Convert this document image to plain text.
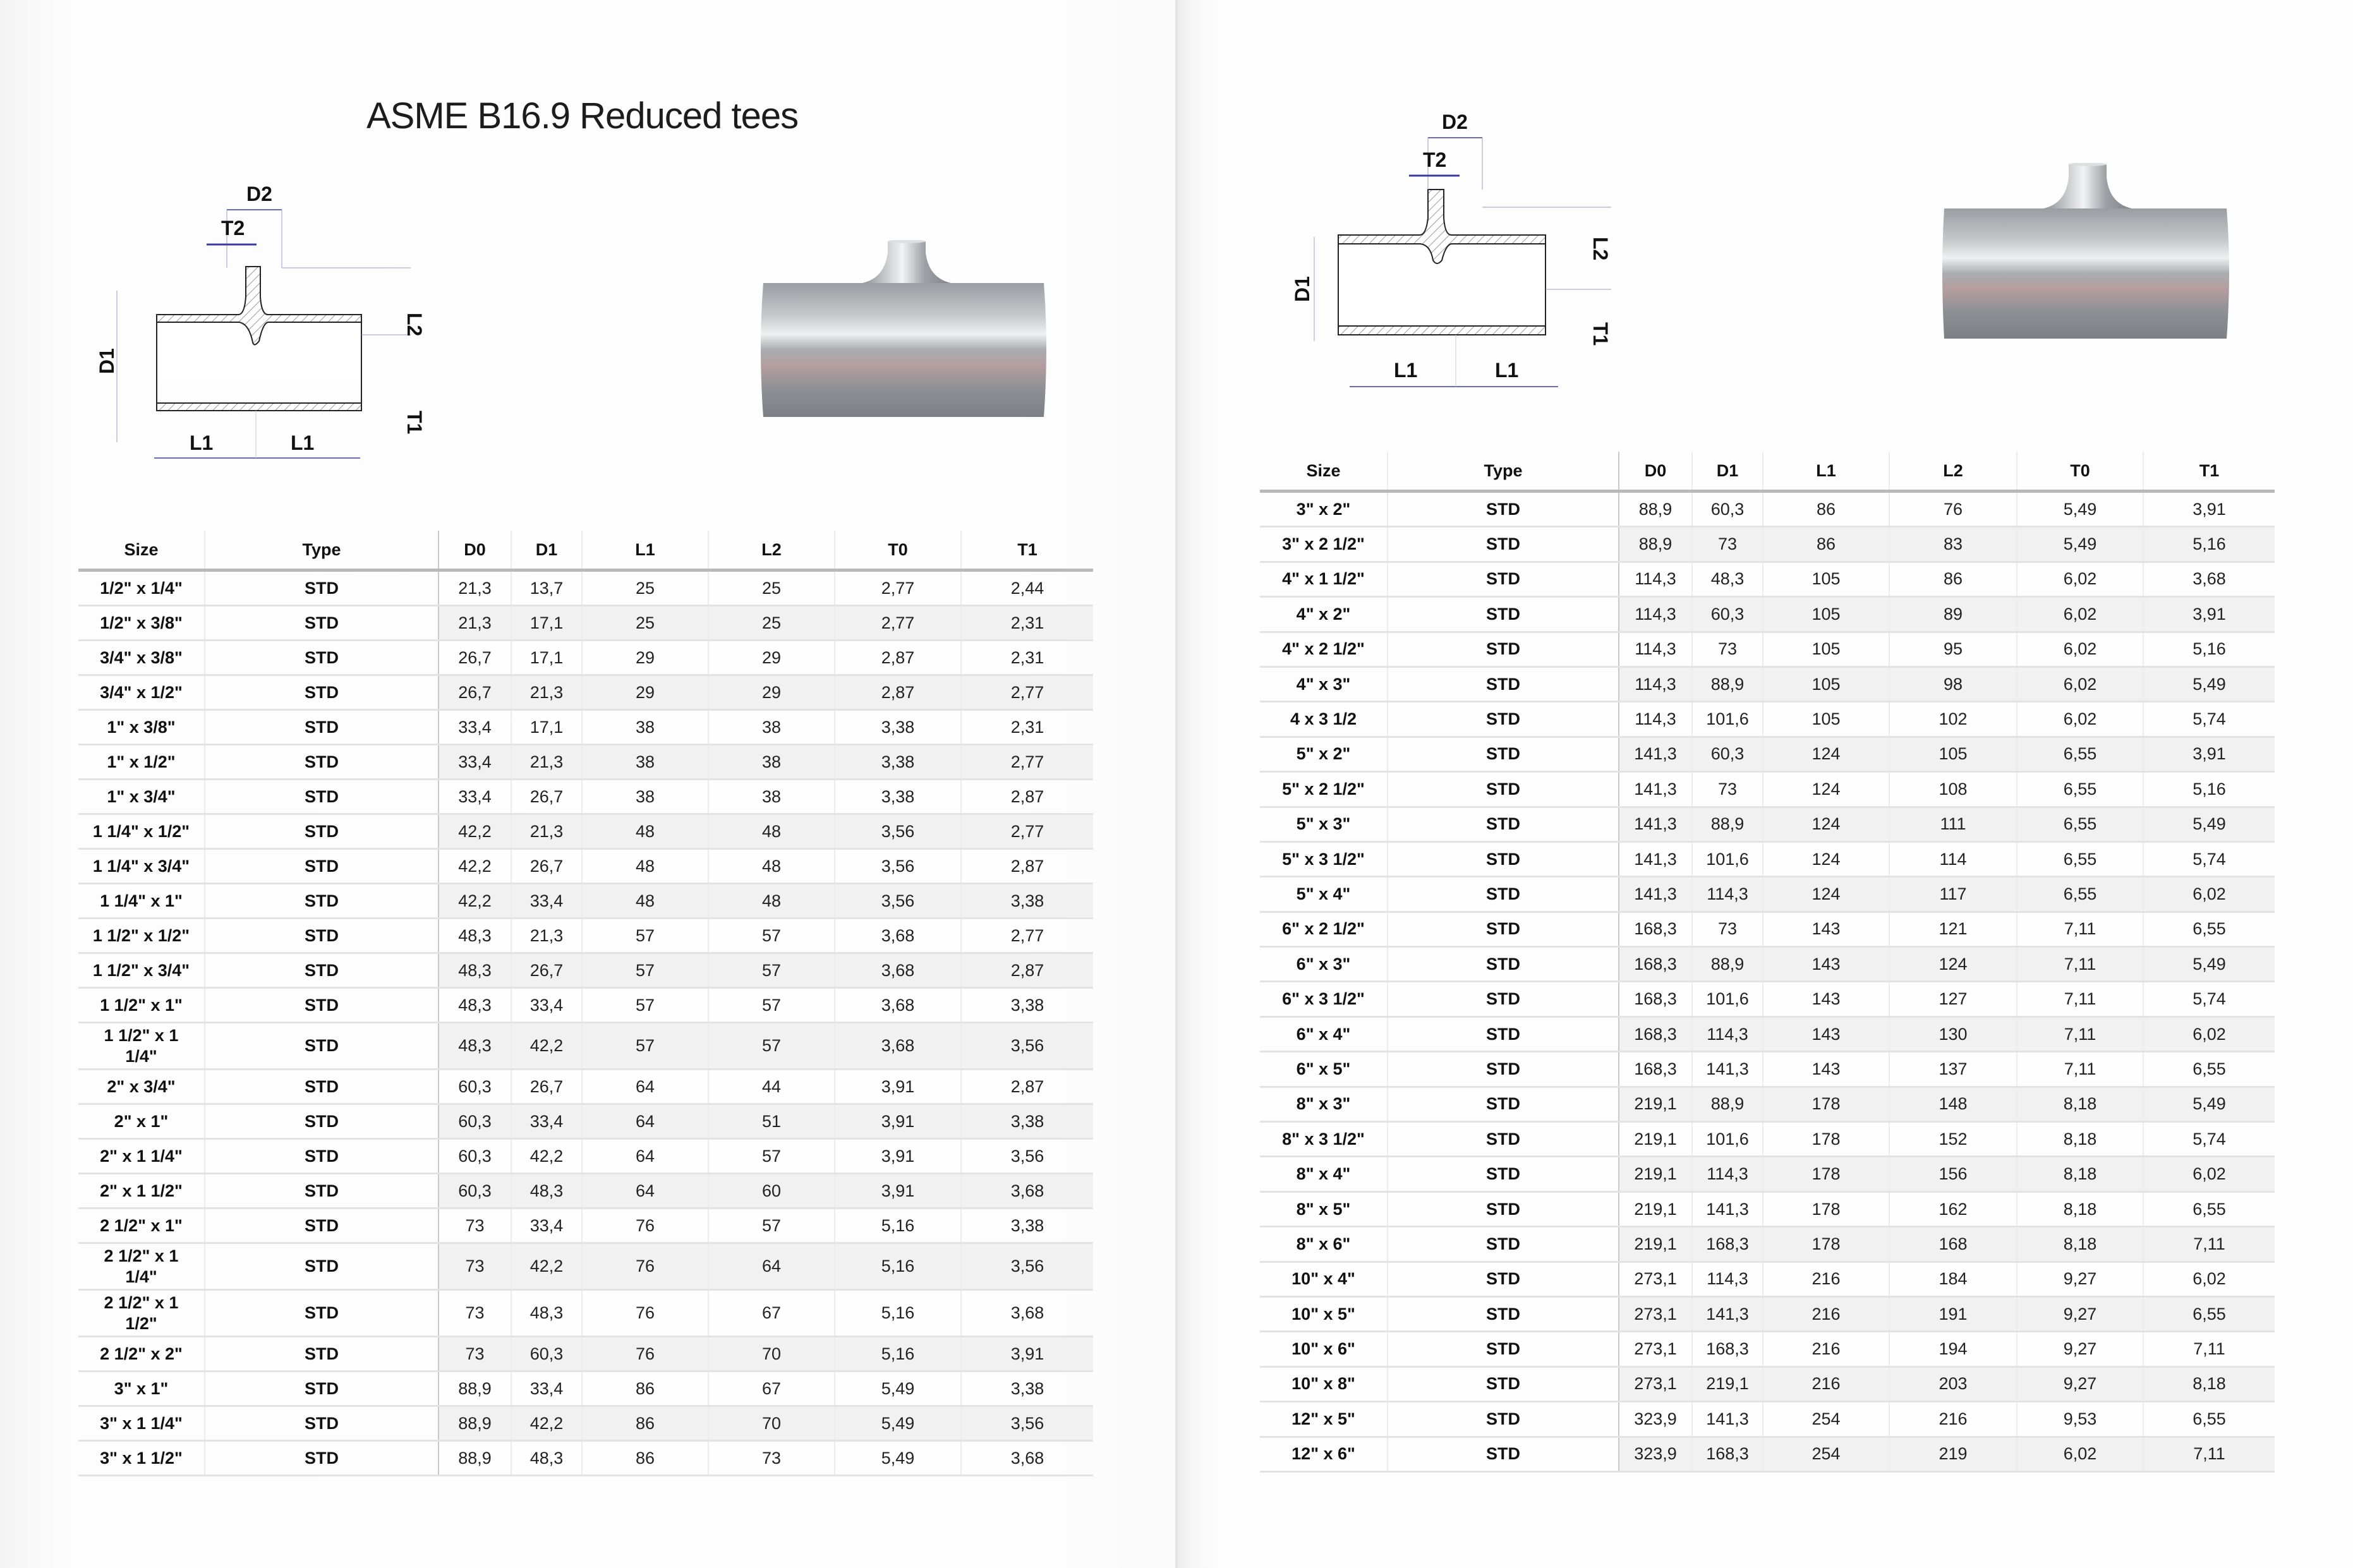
ASME B16.9 Reduced tees
D2
T2
D1
L2
T1
L1	L1
Size	Type	D0	D1	L1	L2	T0	T1
1/2" x 1/4"	STD	21,3	13,7	25	25	2,77	2,44
1/2" x 3/8"	STD	21,3	17,1	25	25	2,77	2,31
3/4" x 3/8"	STD	26,7	17,1	29	29	2,87	2,31
3/4" x 1/2"	STD	26,7	21,3	29	29	2,87	2,77
1" x 3/8"	STD	33,4	17,1	38	38	3,38	2,31
1" x 1/2"	STD	33,4	21,3	38	38	3,38	2,77
1" x 3/4"	STD	33,4	26,7	38	38	3,38	2,87
1 1/4" x 1/2"	STD	42,2	21,3	48	48	3,56	2,77
1 1/4" x 3/4"	STD	42,2	26,7	48	48	3,56	2,87
1 1/4" x 1"	STD	42,2	33,4	48	48	3,56	3,38
1 1/2" x 1/2"	STD	48,3	21,3	57	57	3,68	2,77
1 1/2" x 3/4"	STD	48,3	26,7	57	57	3,68	2,87
1 1/2" x 1"	STD	48,3	33,4	57	57	3,68	3,38
1 1/2" x 1 1/4"	STD	48,3	42,2	57	57	3,68	3,56
2" x 3/4"	STD	60,3	26,7	64	44	3,91	2,87
2" x 1"	STD	60,3	33,4	64	51	3,91	3,38
2" x 1 1/4"	STD	60,3	42,2	64	57	3,91	3,56
2" x 1 1/2"	STD	60,3	48,3	64	60	3,91	3,68
2 1/2" x 1"	STD	73	33,4	76	57	5,16	3,38
2 1/2" x 1 1/4"	STD	73	42,2	76	64	5,16	3,56
2 1/2" x 1 1/2"	STD	73	48,3	76	67	5,16	3,68
2 1/2" x 2"	STD	73	60,3	76	70	5,16	3,91
3" x 1"	STD	88,9	33,4	86	67	5,49	3,38
3" x 1 1/4"	STD	88,9	42,2	86	70	5,49	3,56
3" x 1 1/2"	STD	88,9	48,3	86	73	5,49	3,68
D2
T2
D1
L2
T1
L1	L1
Size	Type	D0	D1	L1	L2	T0	T1
3" x 2"	STD	88,9	60,3	86	76	5,49	3,91
3" x 2 1/2"	STD	88,9	73	86	83	5,49	5,16
4" x 1 1/2"	STD	114,3	48,3	105	86	6,02	3,68
4" x 2"	STD	114,3	60,3	105	89	6,02	3,91
4" x 2 1/2"	STD	114,3	73	105	95	6,02	5,16
4" x 3"	STD	114,3	88,9	105	98	6,02	5,49
4 x 3 1/2	STD	114,3	101,6	105	102	6,02	5,74
5" x 2"	STD	141,3	60,3	124	105	6,55	3,91
5" x 2 1/2"	STD	141,3	73	124	108	6,55	5,16
5" x 3"	STD	141,3	88,9	124	111	6,55	5,49
5" x 3 1/2"	STD	141,3	101,6	124	114	6,55	5,74
5" x 4"	STD	141,3	114,3	124	117	6,55	6,02
6" x 2 1/2"	STD	168,3	73	143	121	7,11	6,55
6" x 3"	STD	168,3	88,9	143	124	7,11	5,49
6" x 3 1/2"	STD	168,3	101,6	143	127	7,11	5,74
6" x 4"	STD	168,3	114,3	143	130	7,11	6,02
6" x 5"	STD	168,3	141,3	143	137	7,11	6,55
8" x 3"	STD	219,1	88,9	178	148	8,18	5,49
8" x 3 1/2"	STD	219,1	101,6	178	152	8,18	5,74
8" x 4"	STD	219,1	114,3	178	156	8,18	6,02
8" x 5"	STD	219,1	141,3	178	162	8,18	6,55
8" x 6"	STD	219,1	168,3	178	168	8,18	7,11
10" x 4"	STD	273,1	114,3	216	184	9,27	6,02
10" x 5"	STD	273,1	141,3	216	191	9,27	6,55
10" x 6"	STD	273,1	168,3	216	194	9,27	7,11
10" x 8"	STD	273,1	219,1	216	203	9,27	8,18
12" x 5"	STD	323,9	141,3	254	216	9,53	6,55
12" x 6"	STD	323,9	168,3	254	219	6,02	7,11
